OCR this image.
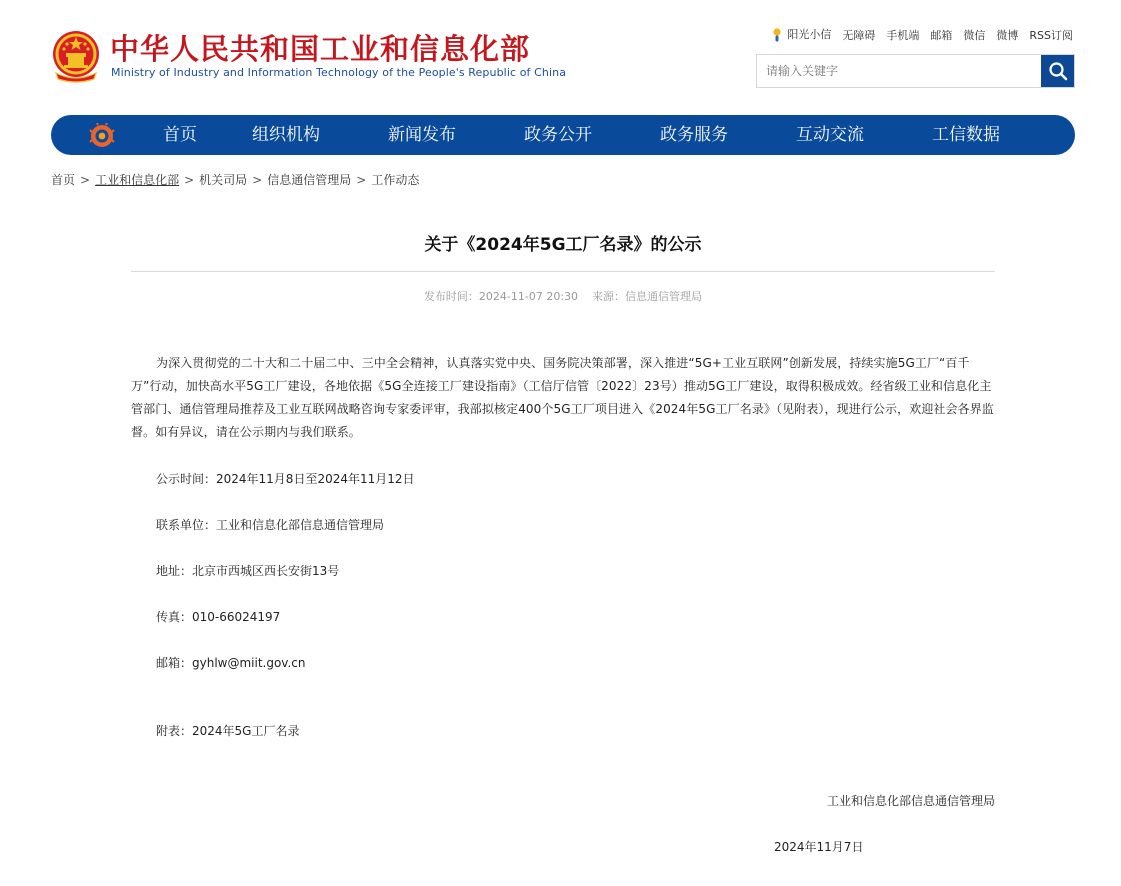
中华人民共和国工业和信息化部
Ministry of Industry and Information Technology of the People's Republic of China
阳光小信 无障碍 手机端 邮箱 微信 微博 RSS订阅
请输入关键字
首页	组织机构	新闻发布	政务公开	政务服务	互动交流	工信数据
首页 > 工业和信息化部 > 机关司局 > 信息通信管理局 > 工作动态
关于《2024年5G工厂名录》的公示
发布时间：2024-11-07 20:30 来源：信息通信管理局

为深入贯彻党的二十大和二十届二中、三中全会精神，认真落实党中央、国务院决策部署，深入推进“5G+工业互联网”创新发展，持续实施5G工厂“百千万”行动，加快高水平5G工厂建设，各地依据《5G全连接工厂建设指南》（工信厅信管〔2022〕23号）推动5G工厂建设，取得积极成效。经省级工业和信息化主管部门、通信管理局推荐及工业互联网战略咨询专家委评审，我部拟核定400个5G工厂项目进入《2024年5G工厂名录》（见附表），现进行公示，欢迎社会各界监督。如有异议，请在公示期内与我们联系。

公示时间：2024年11月8日至2024年11月12日
联系单位：工业和信息化部信息通信管理局
地址：北京市西城区西长安街13号
传真：010-66024197
邮箱：gyhlw@miit.gov.cn
附表：2024年5G工厂名录
工业和信息化部信息通信管理局
2024年11月7日
